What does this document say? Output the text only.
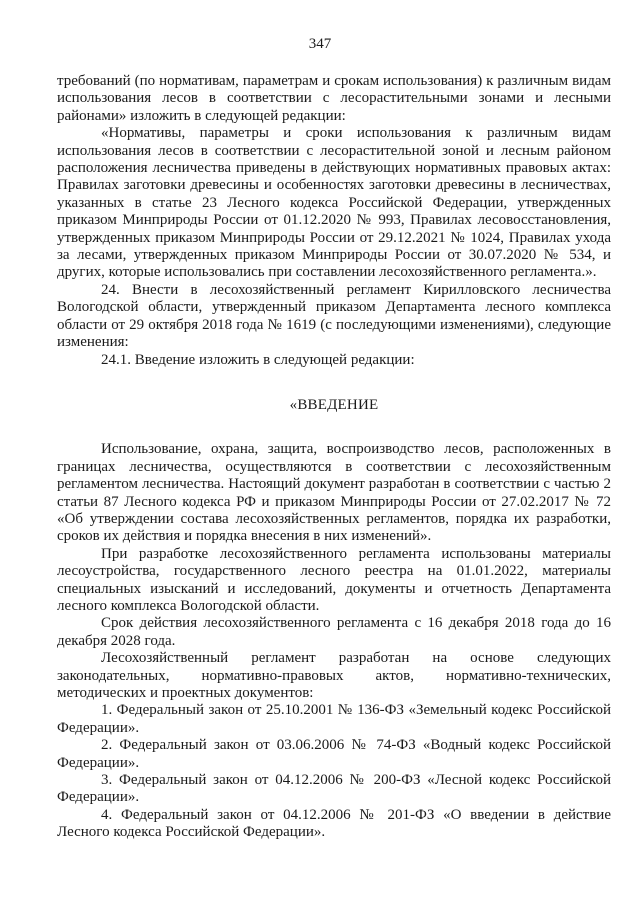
347

требований (по нормативам, параметрам и срокам использования) к различным видам использования лесов в соответствии с лесорастительными зонами и лесными районами» изложить в следующей редакции:

«Нормативы, параметры и сроки использования к различным видам использования лесов в соответствии с лесорастительной зоной и лесным районом расположения лесничества приведены в действующих нормативных правовых актах: Правилах заготовки древесины и особенностях заготовки древесины в лесничествах, указанных в статье 23 Лесного кодекса Российской Федерации, утвержденных приказом Минприроды России от 01.12.2020 № 993, Правилах лесовосстановления, утвержденных приказом Минприроды России от 29.12.2021 № 1024, Правилах ухода за лесами, утвержденных приказом Минприроды России от 30.07.2020 № 534, и других, которые использовались при составлении лесохозяйственного регламента.».

24. Внести в лесохозяйственный регламент Кирилловского лесничества Вологодской области, утвержденный приказом Департамента лесного комплекса области от 29 октября 2018 года № 1619 (с последующими изменениями), следующие изменения:

24.1. Введение изложить в следующей редакции:

«ВВЕДЕНИЕ

Использование, охрана, защита, воспроизводство лесов, расположенных в границах лесничества, осуществляются в соответствии с лесохозяйственным регламентом лесничества. Настоящий документ разработан в соответствии с частью 2 статьи 87 Лесного кодекса РФ и приказом Минприроды России от 27.02.2017 № 72 «Об утверждении состава лесохозяйственных регламентов, порядка их разработки, сроков их действия и порядка внесения в них изменений».

При разработке лесохозяйственного регламента использованы материалы лесоустройства, государственного лесного реестра на 01.01.2022, материалы специальных изысканий и исследований, документы и отчетность Департамента лесного комплекса Вологодской области.

Срок действия лесохозяйственного регламента с 16 декабря 2018 года до 16 декабря 2028 года.

Лесохозяйственный регламент разработан на основе следующих законодательных, нормативно-правовых актов, нормативно-технических, методических и проектных документов:

1. Федеральный закон от 25.10.2001 № 136-ФЗ «Земельный кодекс Российской Федерации».

2. Федеральный закон от 03.06.2006 № 74-ФЗ «Водный кодекс Российской Федерации».

3. Федеральный закон от 04.12.2006 № 200-ФЗ «Лесной кодекс Российской Федерации».

4. Федеральный закон от 04.12.2006 № 201-ФЗ «О введении в действие Лесного кодекса Российской Федерации».
